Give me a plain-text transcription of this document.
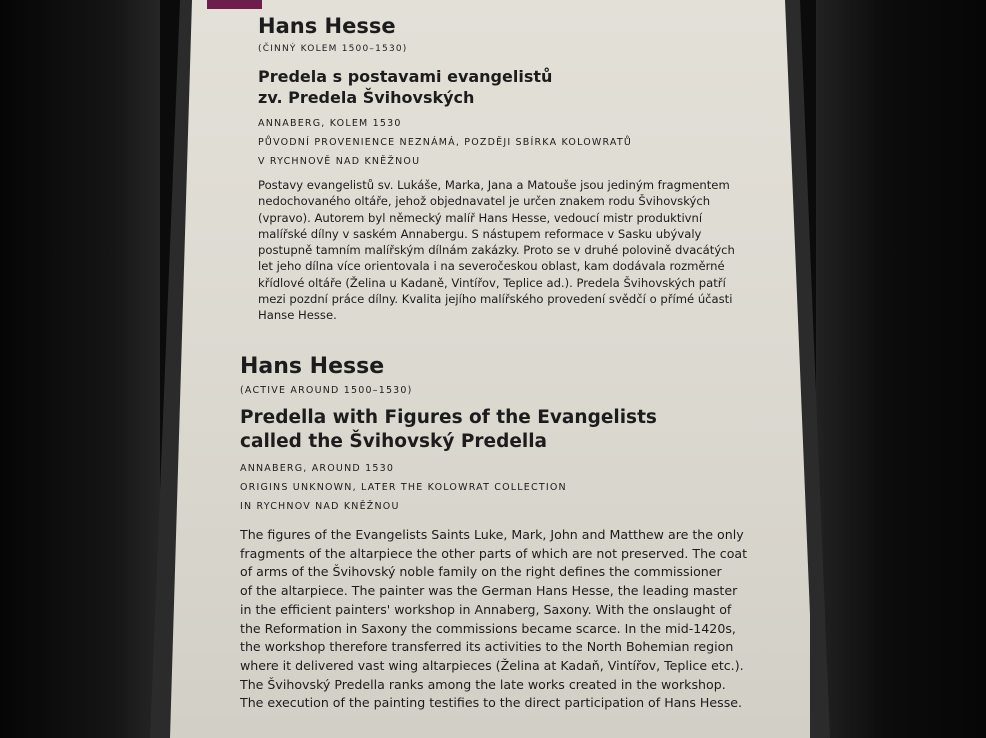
Hans Hesse
(ČINNÝ KOLEM 1500–1530)
Predela s postavami evangelistů
zv. Predela Švihovských
ANNABERG, KOLEM 1530
PŮVODNÍ PROVENIENCE NEZNÁMÁ, POZDĚJI SBÍRKA KOLOWRATŮ
V RYCHNOVĚ NAD KNĚŽNOU
Postavy evangelistů sv. Lukáše, Marka, Jana a Matouše jsou jediným fragmentem
nedochovaného oltáře, jehož objednavatel je určen znakem rodu Švihovských
(vpravo). Autorem byl německý malíř Hans Hesse, vedoucí mistr produktivní
malířské dílny v saském Annabergu. S nástupem reformace v Sasku ubývaly
postupně tamním malířským dílnám zakázky. Proto se v druhé polovině dvacátých
let jeho dílna více orientovala i na severočeskou oblast, kam dodávala rozměrné
křídlové oltáře (Želina u Kadaně, Vintířov, Teplice ad.). Predela Švihovských patří
mezi pozdní práce dílny. Kvalita jejího malířského provedení svědčí o přímé účasti
Hanse Hesse.
Hans Hesse
(ACTIVE AROUND 1500–1530)
Predella with Figures of the Evangelists
called the Švihovský Predella
ANNABERG, AROUND 1530
ORIGINS UNKNOWN, LATER THE KOLOWRAT COLLECTION
IN RYCHNOV NAD KNĚŽNOU
The figures of the Evangelists Saints Luke, Mark, John and Matthew are the only
fragments of the altarpiece the other parts of which are not preserved. The coat
of arms of the Švihovský noble family on the right defines the commissioner
of the altarpiece. The painter was the German Hans Hesse, the leading master
in the efficient painters' workshop in Annaberg, Saxony. With the onslaught of
the Reformation in Saxony the commissions became scarce. In the mid-1420s,
the workshop therefore transferred its activities to the North Bohemian region
where it delivered vast wing altarpieces (Želina at Kadaň, Vintířov, Teplice etc.).
The Švihovský Predella ranks among the late works created in the workshop.
The execution of the painting testifies to the direct participation of Hans Hesse.
